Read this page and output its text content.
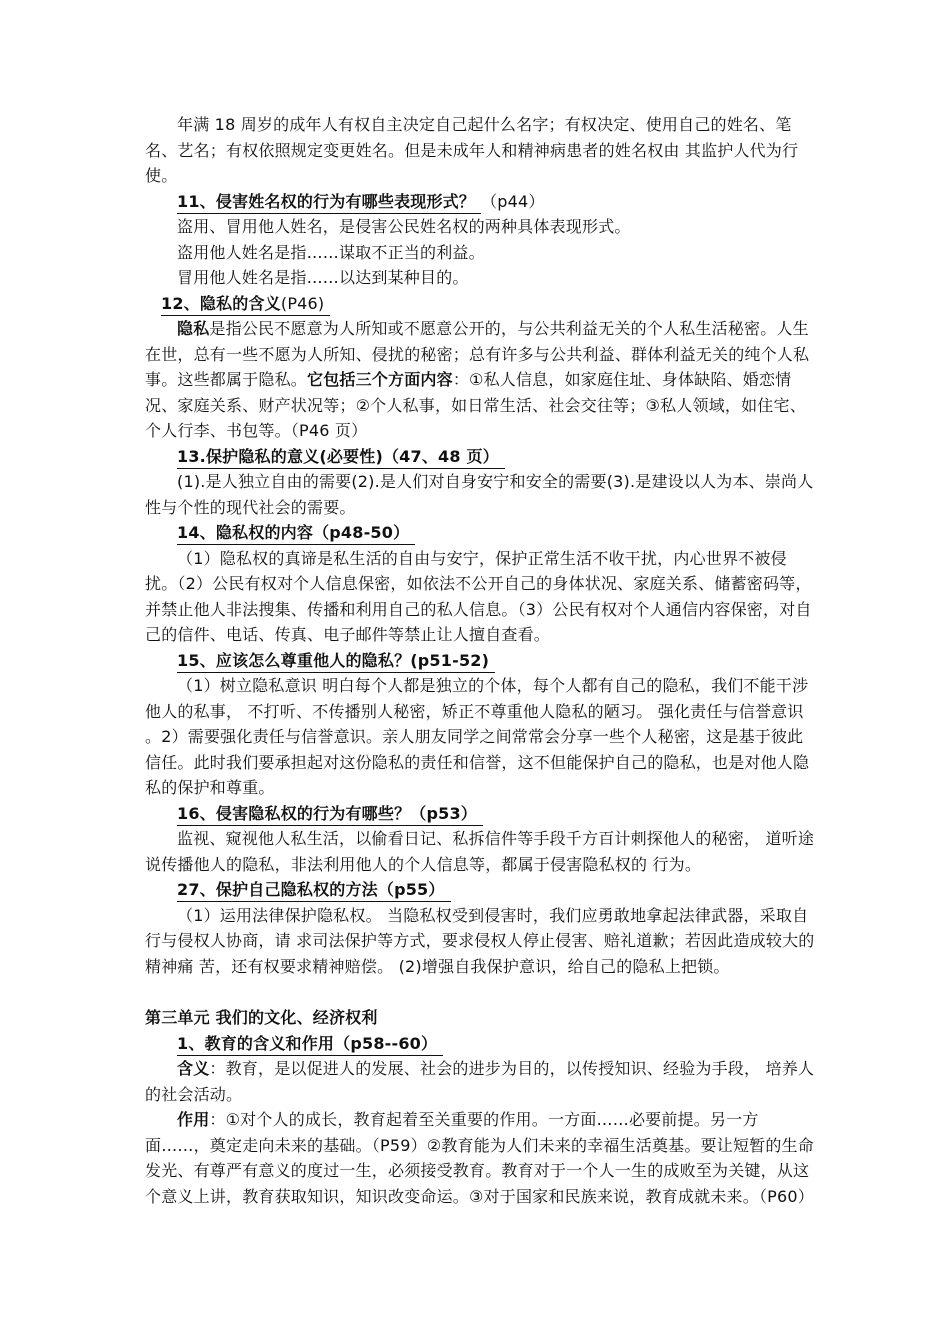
年满 18 周岁的成年人有权自主决定自己起什么名字；有权决定、使用自己的姓名、笔名、艺名；有权依照规定变更姓名。但是未成年人和精神病患者的姓名权由 其监护人代为行使。

11、侵害姓名权的行为有哪些表现形式？ （p44）

盗用、冒用他人姓名，是侵害公民姓名权的两种具体表现形式。

盗用他人姓名是指……谋取不正当的利益。

冒用他人姓名是指……以达到某种目的。

12、隐私的含义(P46)

隐私是指公民不愿意为人所知或不愿意公开的，与公共利益无关的个人私生活秘密。人生在世，总有一些不愿为人所知、侵扰的秘密；总有许多与公共利益、群体利益无关的纯个人私事。这些都属于隐私。它包括三个方面内容：①私人信息，如家庭住址、身体缺陷、婚恋情况、家庭关系、财产状况等；②个人私事，如日常生活、社会交往等；③私人领域，如住宅、个人行李、书包等。（P46 页）

13.保护隐私的意义(必要性)（47、48 页）

(1).是人独立自由的需要(2).是人们对自身安宁和安全的需要(3).是建设以人为本、崇尚人性与个性的现代社会的需要。

14、隐私权的内容（p48-50）

（1）隐私权的真谛是私生活的自由与安宁，保护正常生活不收干扰，内心世界不被侵扰。（2）公民有权对个人信息保密，如依法不公开自己的身体状况、家庭关系、储蓄密码等，并禁止他人非法搜集、传播和利用自己的私人信息。（3）公民有权对个人通信内容保密，对自己的信件、电话、传真、电子邮件等禁止让人擅自查看。

15、应该怎么尊重他人的隐私？(p51-52)

（1）树立隐私意识 明白每个人都是独立的个体，每个人都有自己的隐私，我们不能干涉他人的私事， 不打听、不传播别人秘密，矫正不尊重他人隐私的陋习。 强化责任与信誉意识 。2）需要强化责任与信誉意识。亲人朋友同学之间常常会分享一些个人秘密，这是基于彼此信任。此时我们要承担起对这份隐私的责任和信誉，这不但能保护自己的隐私，也是对他人隐私的保护和尊重。

16、侵害隐私权的行为有哪些？（p53）

监视、窥视他人私生活，以偷看日记、私拆信件等手段千方百计刺探他人的秘密， 道听途说传播他人的隐私，非法利用他人的个人信息等，都属于侵害隐私权的 行为。

27、保护自己隐私权的方法（p55）

（1）运用法律保护隐私权。 当隐私权受到侵害时，我们应勇敢地拿起法律武器，采取自行与侵权人协商，请 求司法保护等方式，要求侵权人停止侵害、赔礼道歉；若因此造成较大的精神痛 苦，还有权要求精神赔偿。 (2)增强自我保护意识，给自己的隐私上把锁。

第三单元 我们的文化、经济权利

1、教育的含义和作用（p58--60）

含义：教育，是以促进人的发展、社会的进步为目的，以传授知识、经验为手段， 培养人的社会活动。

作用：①对个人的成长，教育起着至关重要的作用。一方面……必要前提。另一方面……，奠定走向未来的基础。（P59）②教育能为人们未来的幸福生活奠基。要让短暂的生命发光、有尊严有意义的度过一生，必须接受教育。教育对于一个人一生的成败至为关键，从这个意义上讲，教育获取知识，知识改变命运。③对于国家和民族来说，教育成就未来。（P60）
